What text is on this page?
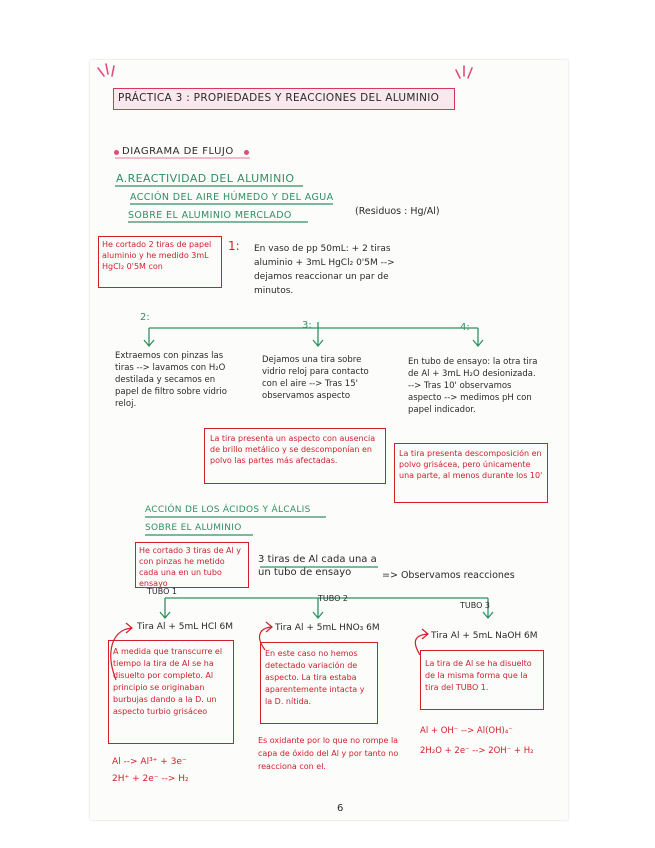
PRÁCTICA 3 : PROPIEDADES Y REACCIONES DEL ALUMINIO
DIAGRAMA DE FLUJO
A.REACTIVIDAD DEL ALUMINIO
ACCIÓN DEL AIRE HÚMEDO Y DEL AGUA
SOBRE EL ALUMINIO MERCLADO	(Residuos : Hg/Al)
He cortado 2 tiras de papel aluminio y he medido 3mL HgCl₂ 0'5M con
1: En vaso de pp 50mL: + 2 tiras aluminio + 3mL HgCl₂ 0'5M --> dejamos reaccionar un par de minutos.
2:
3:	4:
Extraemos con pinzas las tiras --> lavamos con H₂O destilada y secamos en papel de filtro sobre vidrio reloj.
Dejamos una tira sobre vidrio reloj para contacto con el aire --> Tras 15' observamos aspecto
En tubo de ensayo: la otra tira de Al + 3mL H₂O desionizada. --> Tras 10' observamos aspecto --> medimos pH con papel indicador.
La tira presenta un aspecto con ausencia de brillo metálico y se descomponían en polvo las partes más afectadas.
La tira presenta descomposición en polvo grisácea, pero únicamente una parte, al menos durante los 10'
ACCIÓN DE LOS ÁCIDOS Y ÁLCALIS
SOBRE EL ALUMINIO
He cortado 3 tiras de Al y con pinzas he metido cada una en un tubo ensayo
3 tiras de Al cada una a un tubo de ensayo	=> Observamos reacciones
TUBO 1
TUBO 2
TUBO 3
Tira Al + 5mL HCl 6M	Tira Al + 5mL HNO₃ 6M
Tira Al + 5mL NaOH 6M
A medida que transcurre el tiempo la tira de Al se ha disuelto por completo. Al principio se originaban burbujas dando a la D. un aspecto turbio grisáceo
En este caso no hemos detectado variación de aspecto. La tira estaba aparentemente intacta y la D. nítida.
La tira de Al se ha disuelto de la misma forma que la tira del TUBO 1.
Es oxidante por lo que no rompe la capa de óxido del Al y por tanto no reacciona con el.
Al --> Al³⁺ + 3e⁻
2H⁺ + 2e⁻ --> H₂
Al + OH⁻ --> Al(OH)₄⁻
2H₂O + 2e⁻ --> 2OH⁻ + H₂
6
